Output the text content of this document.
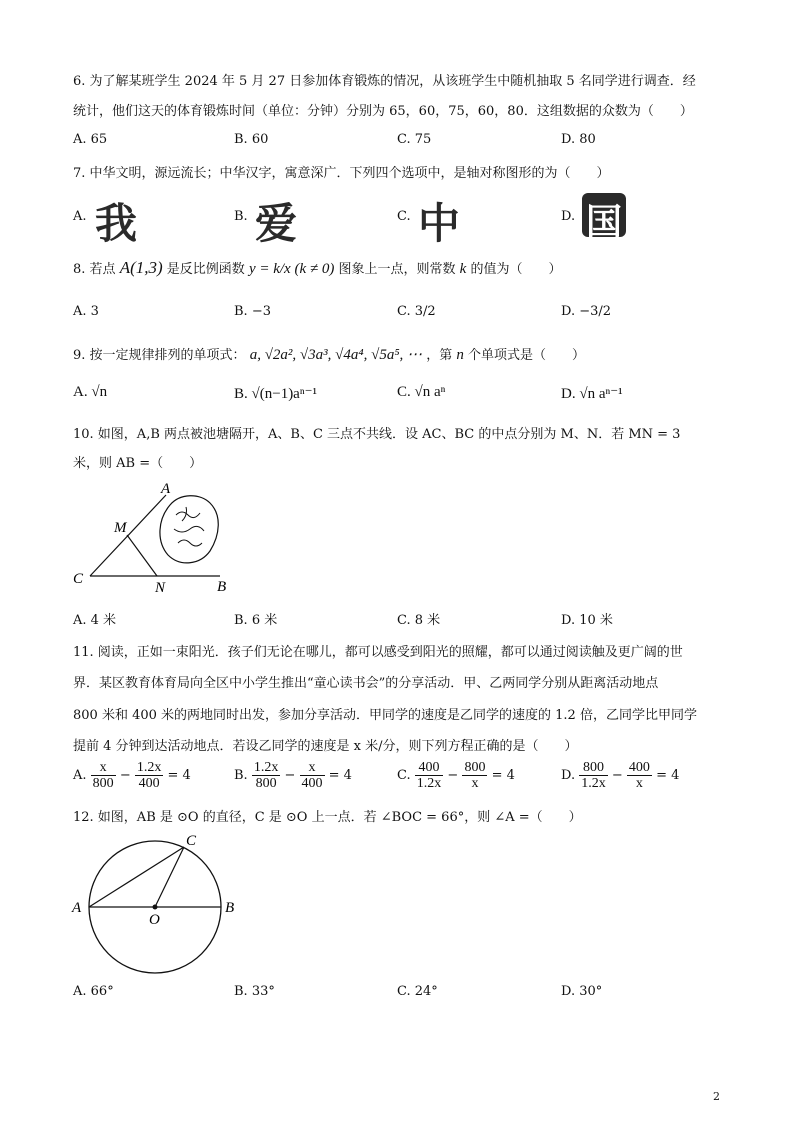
6. 为了解某班学生 2024 年 5 月 27 日参加体育锻炼的情况，从该班学生中随机抽取 5 名同学进行调查．经
统计，他们这天的体育锻炼时间（单位：分钟）分别为 65，60，75，60，80．这组数据的众数为（　　）
A. 65	B. 60	C. 75	D. 80
7. 中华文明，源远流长；中华汉字，寓意深广．下列四个选项中，是轴对称图形的为（　　）
A. 我	B. 爱	C. 中	D. 国
8. 若点 A(1,3) 是反比例函数 y = k/x (k ≠ 0) 图象上一点，则常数 k 的值为（　　）
A. 3	B. −3	C. 3/2	D. −3/2
9. 按一定规律排列的单项式： a, √2a², √3a³, √4a⁴, √5a⁵, ⋯ ，第 n 个单项式是（　　）
A. √n	B. √(n−1)aⁿ⁻¹	C. √n aⁿ	D. √n aⁿ⁻¹
10. 如图，A,B 两点被池塘隔开，A、B、C 三点不共线．设 AC、BC 的中点分别为 M、N．若 MN = 3
米，则 AB =（　　）
A
M
C
N	B
A. 4 米	B. 6 米	C. 8 米	D. 10 米
11. 阅读，正如一束阳光．孩子们无论在哪儿，都可以感受到阳光的照耀，都可以通过阅读触及更广阔的世
界．某区教育体育局向全区中小学生推出“童心读书会”的分享活动．甲、乙两同学分别从距离活动地点
800 米和 400 米的两地同时出发，参加分享活动．甲同学的速度是乙同学的速度的 1.2 倍，乙同学比甲同学
提前 4 分钟到达活动地点．若设乙同学的速度是 x 米/分，则下列方程正确的是（　　）
A. $\frac{x}{800} - \frac{1.2x}{400} = 4$	B. $\frac{1.2x}{800} - \frac{x}{400} = 4$	C. $\frac{400}{1.2x} - \frac{800}{x} = 4$	D. $\frac{800}{1.2x} - \frac{400}{x} = 4$
12. 如图，AB 是 ⊙O 的直径，C 是 ⊙O 上一点．若 ∠BOC = 66°，则 ∠A =（　　）
A	B
C
O
A. 66°	B. 33°	C. 24°	D. 30°
2
